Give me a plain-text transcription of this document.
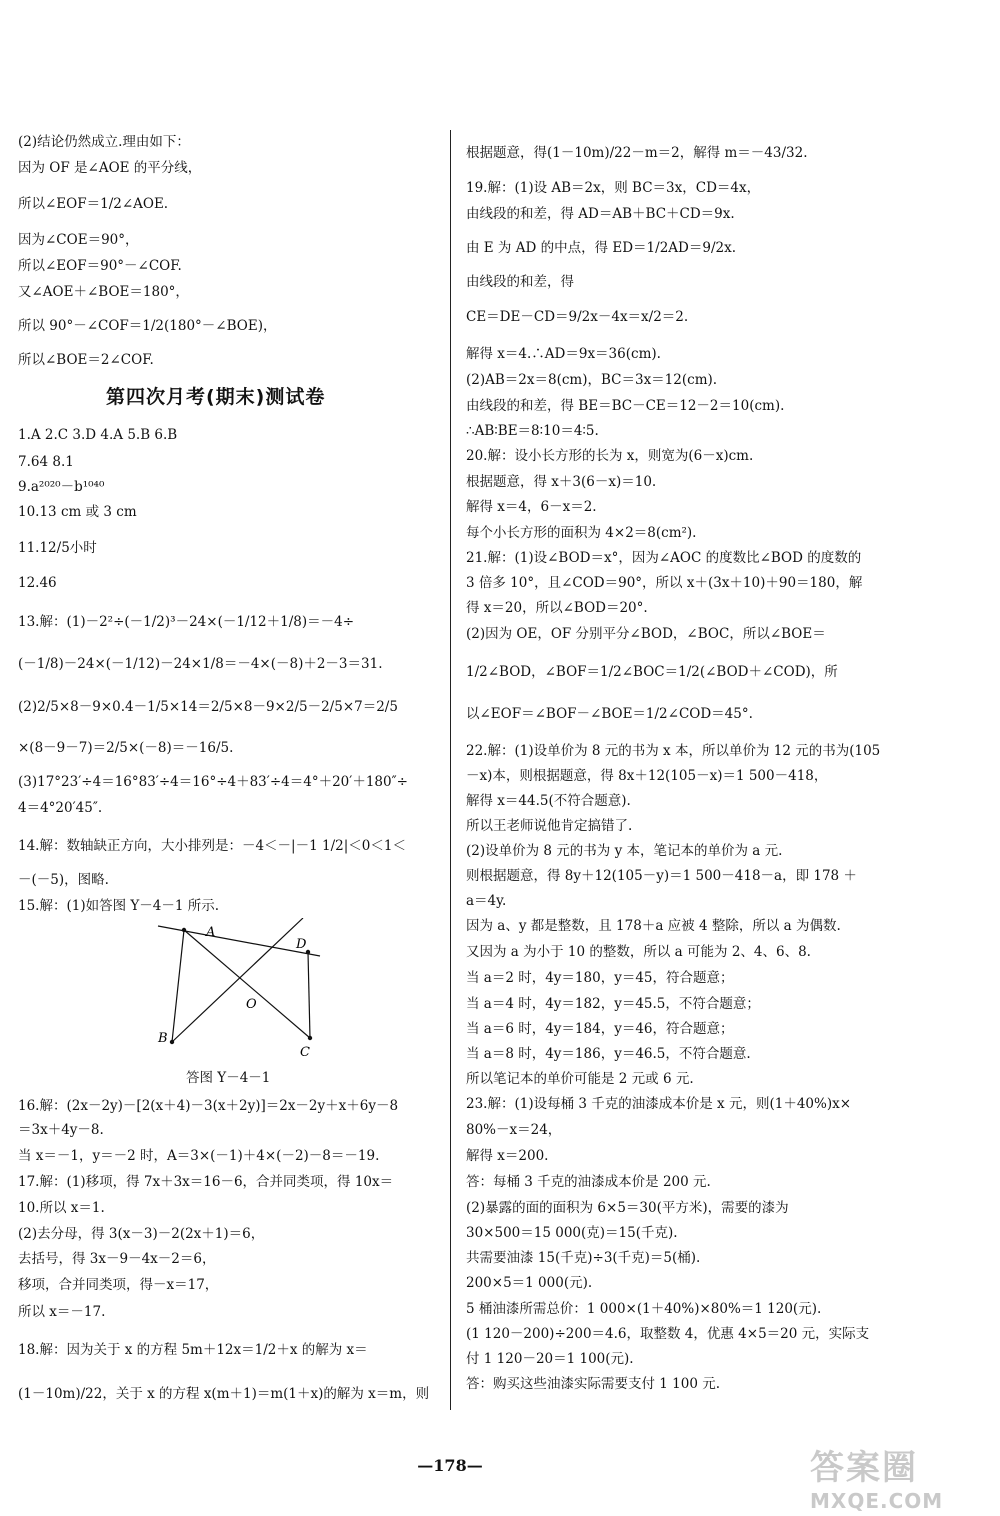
(2)结论仍然成立.理由如下：
因为 OF 是∠AOE 的平分线，
所以∠EOF＝1/2∠AOE.
因为∠COE＝90°，
所以∠EOF＝90°－∠COF.
又∠AOE＋∠BOE＝180°，
所以 90°－∠COF＝1/2(180°－∠BOE)，
所以∠BOE＝2∠COF.
第四次月考(期末)测试卷
1.A 2.C 3.D 4.A 5.B 6.B
7.64 8.1
9.a²⁰²⁰－b¹⁰⁴⁰
10.13 cm 或 3 cm
11.12/5小时
12.46
13.解：(1)－2²÷(－1/2)³－24×(－1/12＋1/8)＝－4÷
(－1/8)－24×(－1/12)－24×1/8＝－4×(－8)＋2－3＝31.
(2)2/5×8－9×0.4－1/5×14＝2/5×8－9×2/5－2/5×7＝2/5
×(8－9－7)＝2/5×(－8)＝－16/5.
(3)17°23′÷4＝16°83′÷4＝16°÷4＋83′÷4＝4°＋20′＋180″÷
4＝4°20′45″.
14.解：数轴缺正方向，大小排列是：－4＜－|－1 1/2|＜0＜1＜
－(－5)，图略.
15.解：(1)如答图 Y－4－1 所示.
A
D
O
B
C
答图 Y－4－1
16.解：(2x－2y)－[2(x＋4)－3(x＋2y)]＝2x－2y＋x＋6y－8
＝3x＋4y－8.
当 x＝－1，y＝－2 时，A＝3×(－1)＋4×(－2)－8＝－19.
17.解：(1)移项，得 7x＋3x＝16－6，合并同类项，得 10x＝
10.所以 x＝1.
(2)去分母，得 3(x－3)－2(2x＋1)＝6，
去括号，得 3x－9－4x－2＝6，
移项，合并同类项，得－x＝17，
所以 x＝－17.
18.解：因为关于 x 的方程 5m＋12x＝1/2＋x 的解为 x＝
(1－10m)/22，关于 x 的方程 x(m＋1)＝m(1＋x)的解为 x＝m，则
根据题意，得(1－10m)/22－m＝2，解得 m＝－43/32.
19.解：(1)设 AB＝2x，则 BC＝3x，CD＝4x，
由线段的和差，得 AD＝AB＋BC＋CD＝9x.
由 E 为 AD 的中点，得 ED＝1/2AD＝9/2x.
由线段的和差，得
CE＝DE－CD＝9/2x－4x＝x/2＝2.
解得 x＝4.∴AD＝9x＝36(cm).
(2)AB＝2x＝8(cm)，BC＝3x＝12(cm).
由线段的和差，得 BE＝BC－CE＝12－2＝10(cm).
∴AB∶BE＝8∶10＝4∶5.
20.解：设小长方形的长为 x，则宽为(6－x)cm.
根据题意，得 x＋3(6－x)＝10.
解得 x＝4，6－x＝2.
每个小长方形的面积为 4×2＝8(cm²).
21.解：(1)设∠BOD＝x°，因为∠AOC 的度数比∠BOD 的度数的
3 倍多 10°，且∠COD＝90°，所以 x＋(3x＋10)＋90＝180，解
得 x＝20，所以∠BOD＝20°.
(2)因为 OE，OF 分别平分∠BOD，∠BOC，所以∠BOE＝
1/2∠BOD，∠BOF＝1/2∠BOC＝1/2(∠BOD＋∠COD)，所
以∠EOF＝∠BOF－∠BOE＝1/2∠COD＝45°.
22.解：(1)设单价为 8 元的书为 x 本，所以单价为 12 元的书为(105
－x)本，则根据题意，得 8x＋12(105－x)＝1 500－418，
解得 x＝44.5(不符合题意).
所以王老师说他肯定搞错了.
(2)设单价为 8 元的书为 y 本，笔记本的单价为 a 元.
则根据题意，得 8y＋12(105－y)＝1 500－418－a，即 178 ＋
a＝4y.
因为 a、y 都是整数，且 178＋a 应被 4 整除，所以 a 为偶数.
又因为 a 为小于 10 的整数，所以 a 可能为 2、4、6、8.
当 a＝2 时，4y＝180，y＝45，符合题意；
当 a＝4 时，4y＝182，y＝45.5，不符合题意；
当 a＝6 时，4y＝184，y＝46，符合题意；
当 a＝8 时，4y＝186，y＝46.5，不符合题意.
所以笔记本的单价可能是 2 元或 6 元.
23.解：(1)设每桶 3 千克的油漆成本价是 x 元，则(1＋40%)x×
80%－x＝24，
解得 x＝200.
答：每桶 3 千克的油漆成本价是 200 元.
(2)暴露的面的面积为 6×5＝30(平方米)，需要的漆为
30×500＝15 000(克)＝15(千克).
共需要油漆 15(千克)÷3(千克)＝5(桶).
200×5＝1 000(元).
5 桶油漆所需总价：1 000×(1＋40%)×80%＝1 120(元).
(1 120－200)÷200＝4.6，取整数 4，优惠 4×5＝20 元，实际支
付 1 120－20＝1 100(元).
答：购买这些油漆实际需要支付 1 100 元.
—178—	答案圈
MXQE.COM
